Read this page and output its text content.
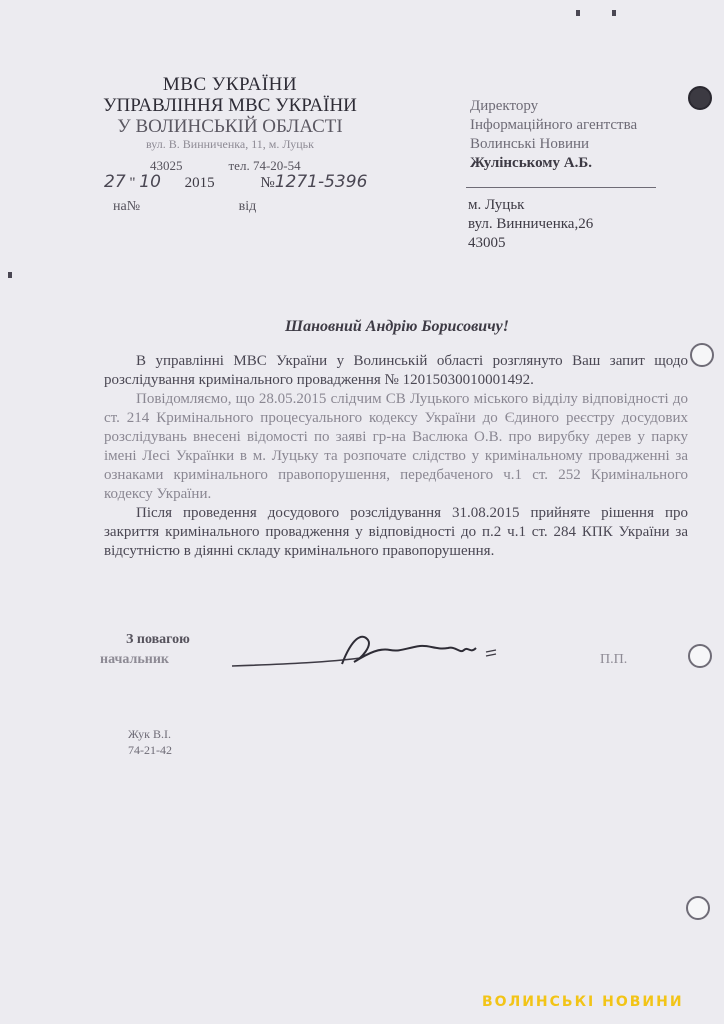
МВС УКРАЇНИ
УПРАВЛІННЯ МВС УКРАЇНИ
У ВОЛИНСЬКІЙ ОБЛАСТІ
вул. В. Винниченка, 11, м. Луцьк
43025	тел. 74-20-54
27 " 10 2015	№1271-5396
на№	від
Директору
Інформаційного агентства
Волинські Новини
Жулінському А.Б.
м. Луцьк
вул. Винниченка,26
43005
Шановний Андрію Борисовичу!

В управлінні МВС України у Волинській області розглянуто Ваш запит щодо розслідування кримінального провадження № 12015030010001492.

Повідомляємо, що 28.05.2015 слідчим СВ Луцького міського відділу відповідності до ст. 214 Кримінального процесуального кодексу України до Єдиного реєстру досудових розслідувань внесені відомості по заяві гр-на Васлюка О.В. про вирубку дерев у парку імені Лесі Українки в м. Луцьку та розпочате слідство у кримінальному провадженні за ознаками кримінального правопорушення, передбаченого ч.1 ст. 252 Кримінального кодексу України.

Після проведення досудового розслідування 31.08.2015 прийняте рішення про закриття кримінального провадження у відповідності до п.2 ч.1 ст. 284 КПК України за відсутністю в діянні складу кримінального правопорушення.

З повагою
начальник	П.П.
Жук В.І.
74-21-42
ВОЛИНСЬКІ НОВИНИ
